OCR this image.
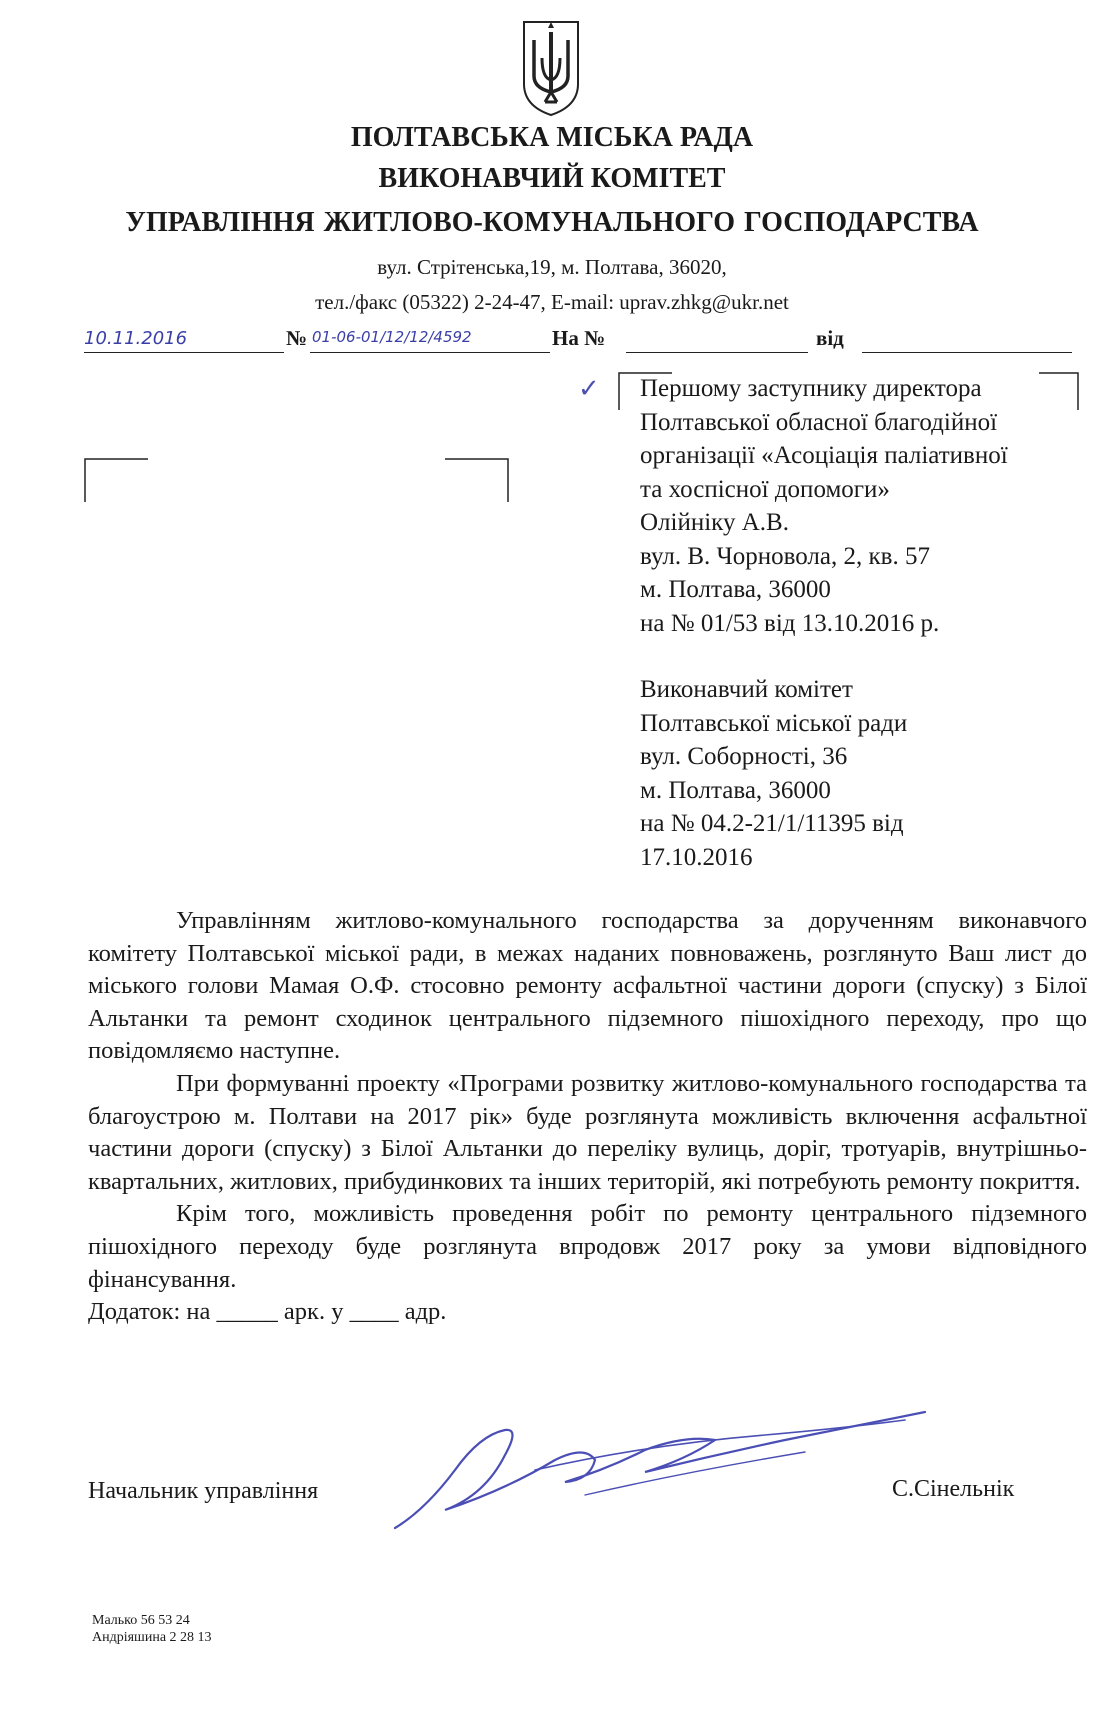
ПОЛТАВСЬКА МІСЬКА РАДА
ВИКОНАВЧИЙ КОМІТЕТ
УПРАВЛІННЯ ЖИТЛОВО-КОМУНАЛЬНОГО ГОСПОДАРСТВА
вул. Стрітенська,19, м. Полтава, 36020,
тел./факс (05322) 2-24-47, E-mail: uprav.zhkg@ukr.net
10.11.2016	№ 01-06-01/12/12/4592	На №	від
✓ Першому заступнику директора
Полтавської обласної благодійної
організації «Асоціація паліативної
та хоспісної допомоги»
Олійніку А.В.
вул. В. Чорновола, 2, кв. 57
м. Полтава, 36000
на № 01/53 від 13.10.2016 р.
Виконавчий комітет
Полтавської міської ради
вул. Соборності, 36
м. Полтава, 36000
на № 04.2-21/1/11395 від
17.10.2016

Управлінням житлово-комунального господарства за дорученням виконавчого комітету Полтавської міської ради, в межах наданих повноважень, розглянуто Ваш лист до міського голови Мамая О.Ф. стосовно ремонту асфальтної частини дороги (спуску) з Білої Альтанки та ремонт сходинок центрального підземного пішохідного переходу, про що повідомляємо наступне.

При формуванні проекту «Програми розвитку житлово-комунального господарства та благоустрою м. Полтави на 2017 рік» буде розглянута можливість включення асфальтної частини дороги (спуску) з Білої Альтанки до переліку вулиць, доріг, тротуарів, внутрішньо-квартальних, житлових, прибудинкових та інших територій, які потребують ремонту покриття.

Крім того, можливість проведення робіт по ремонту центрального підземного пішохідного переходу буде розглянута впродовж 2017 року за умови відповідного фінансування.

Додаток: на _____ арк. у ____ адр.

Начальник управління	С.Сінельнік
Малько 56 53 24
Андріяшина 2 28 13
